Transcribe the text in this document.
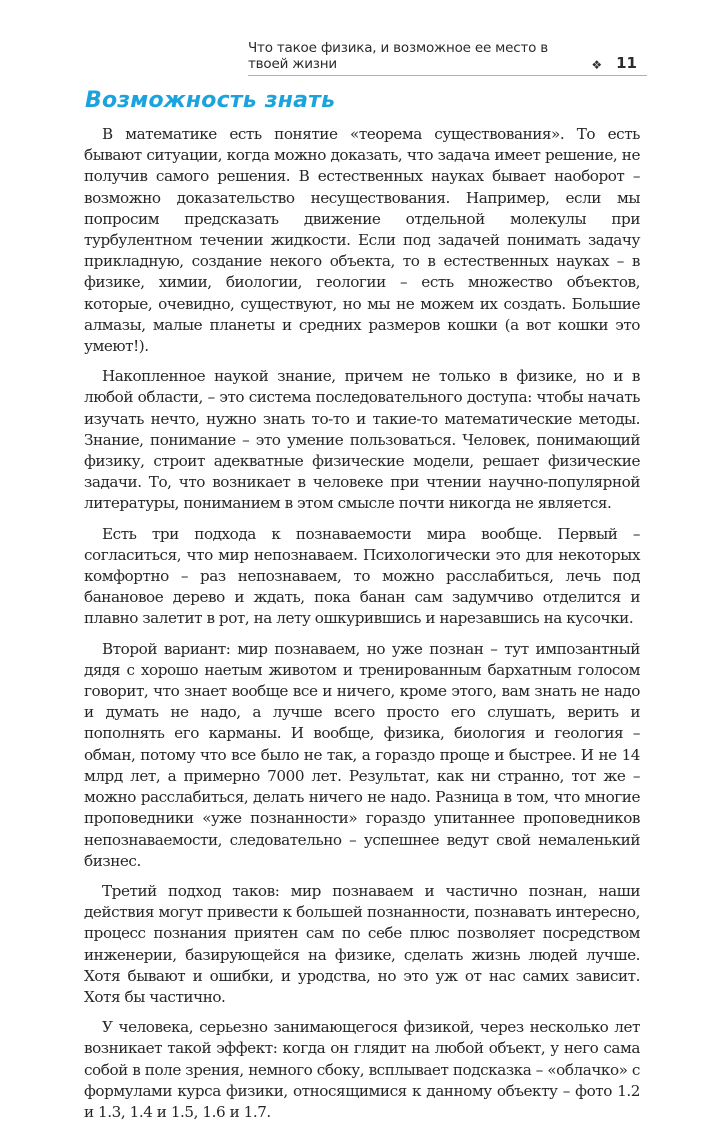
Что такое физика, и возможное ее место в твоей жизни	❖ 11
Возможность знать

В математике есть понятие «теорема существования». То есть бывают ситуации, когда можно доказать, что задача имеет решение, не получив самого решения. В естественных науках бывает наоборот – возможно доказательство несуществования. Например, если мы попросим предсказать движение отдельной молекулы при турбулентном течении жидкости. Если под задачей понимать задачу прикладную, создание некого объекта, то в естественных науках – в физике, химии, биологии, геологии – есть множество объектов, которые, очевидно, существуют, но мы не можем их создать. Большие алмазы, малые планеты и средних размеров кошки (а вот кошки это умеют!).

Накопленное наукой знание, причем не только в физике, но и в любой области, – это система последовательного доступа: чтобы начать изучать нечто, нужно знать то-то и такие-то математические методы. Знание, понимание – это умение пользоваться. Человек, понимающий физику, строит адекватные физические модели, решает физические задачи. То, что возникает в человеке при чтении научно-популярной литературы, пониманием в этом смысле почти никогда не является.

Есть три подхода к познаваемости мира вообще. Первый – согласиться, что мир непознаваем. Психологически это для некоторых комфортно – раз непознаваем, то можно расслабиться, лечь под банановое дерево и ждать, пока банан сам задумчиво отделится и плавно залетит в рот, на лету ошкурившись и нарезавшись на кусочки.

Второй вариант: мир познаваем, но уже познан – тут импозантный дядя с хорошо наетым животом и тренированным бархатным голосом говорит, что знает вообще все и ничего, кроме этого, вам знать не надо и думать не надо, а лучше всего просто его слушать, верить и пополнять его карманы. И вообще, физика, биология и геология – обман, потому что все было не так, а гораздо проще и быстрее. И не 14 млрд лет, а примерно 7000 лет. Результат, как ни странно, тот же – можно расслабиться, делать ничего не надо. Разница в том, что многие проповедники «уже познанности» гораздо упитаннее проповедников непознаваемости, следовательно – успешнее ведут свой немаленький бизнес.

Третий подход таков: мир познаваем и частично познан, наши действия могут привести к большей познанности, познавать интересно, процесс познания приятен сам по себе плюс позволяет посредством инженерии, базирующейся на физике, сделать жизнь людей лучше. Хотя бывают и ошибки, и уродства, но это уж от нас самих зависит. Хотя бы частично.

У человека, серьезно занимающегося физикой, через несколько лет возникает такой эффект: когда он глядит на любой объект, у него сама собой в поле зрения, немного сбоку, всплывает подсказка – «облачко» с формулами курса физики, относящимися к данному объекту – фото 1.2 и 1.3, 1.4 и 1.5, 1.6 и 1.7.
